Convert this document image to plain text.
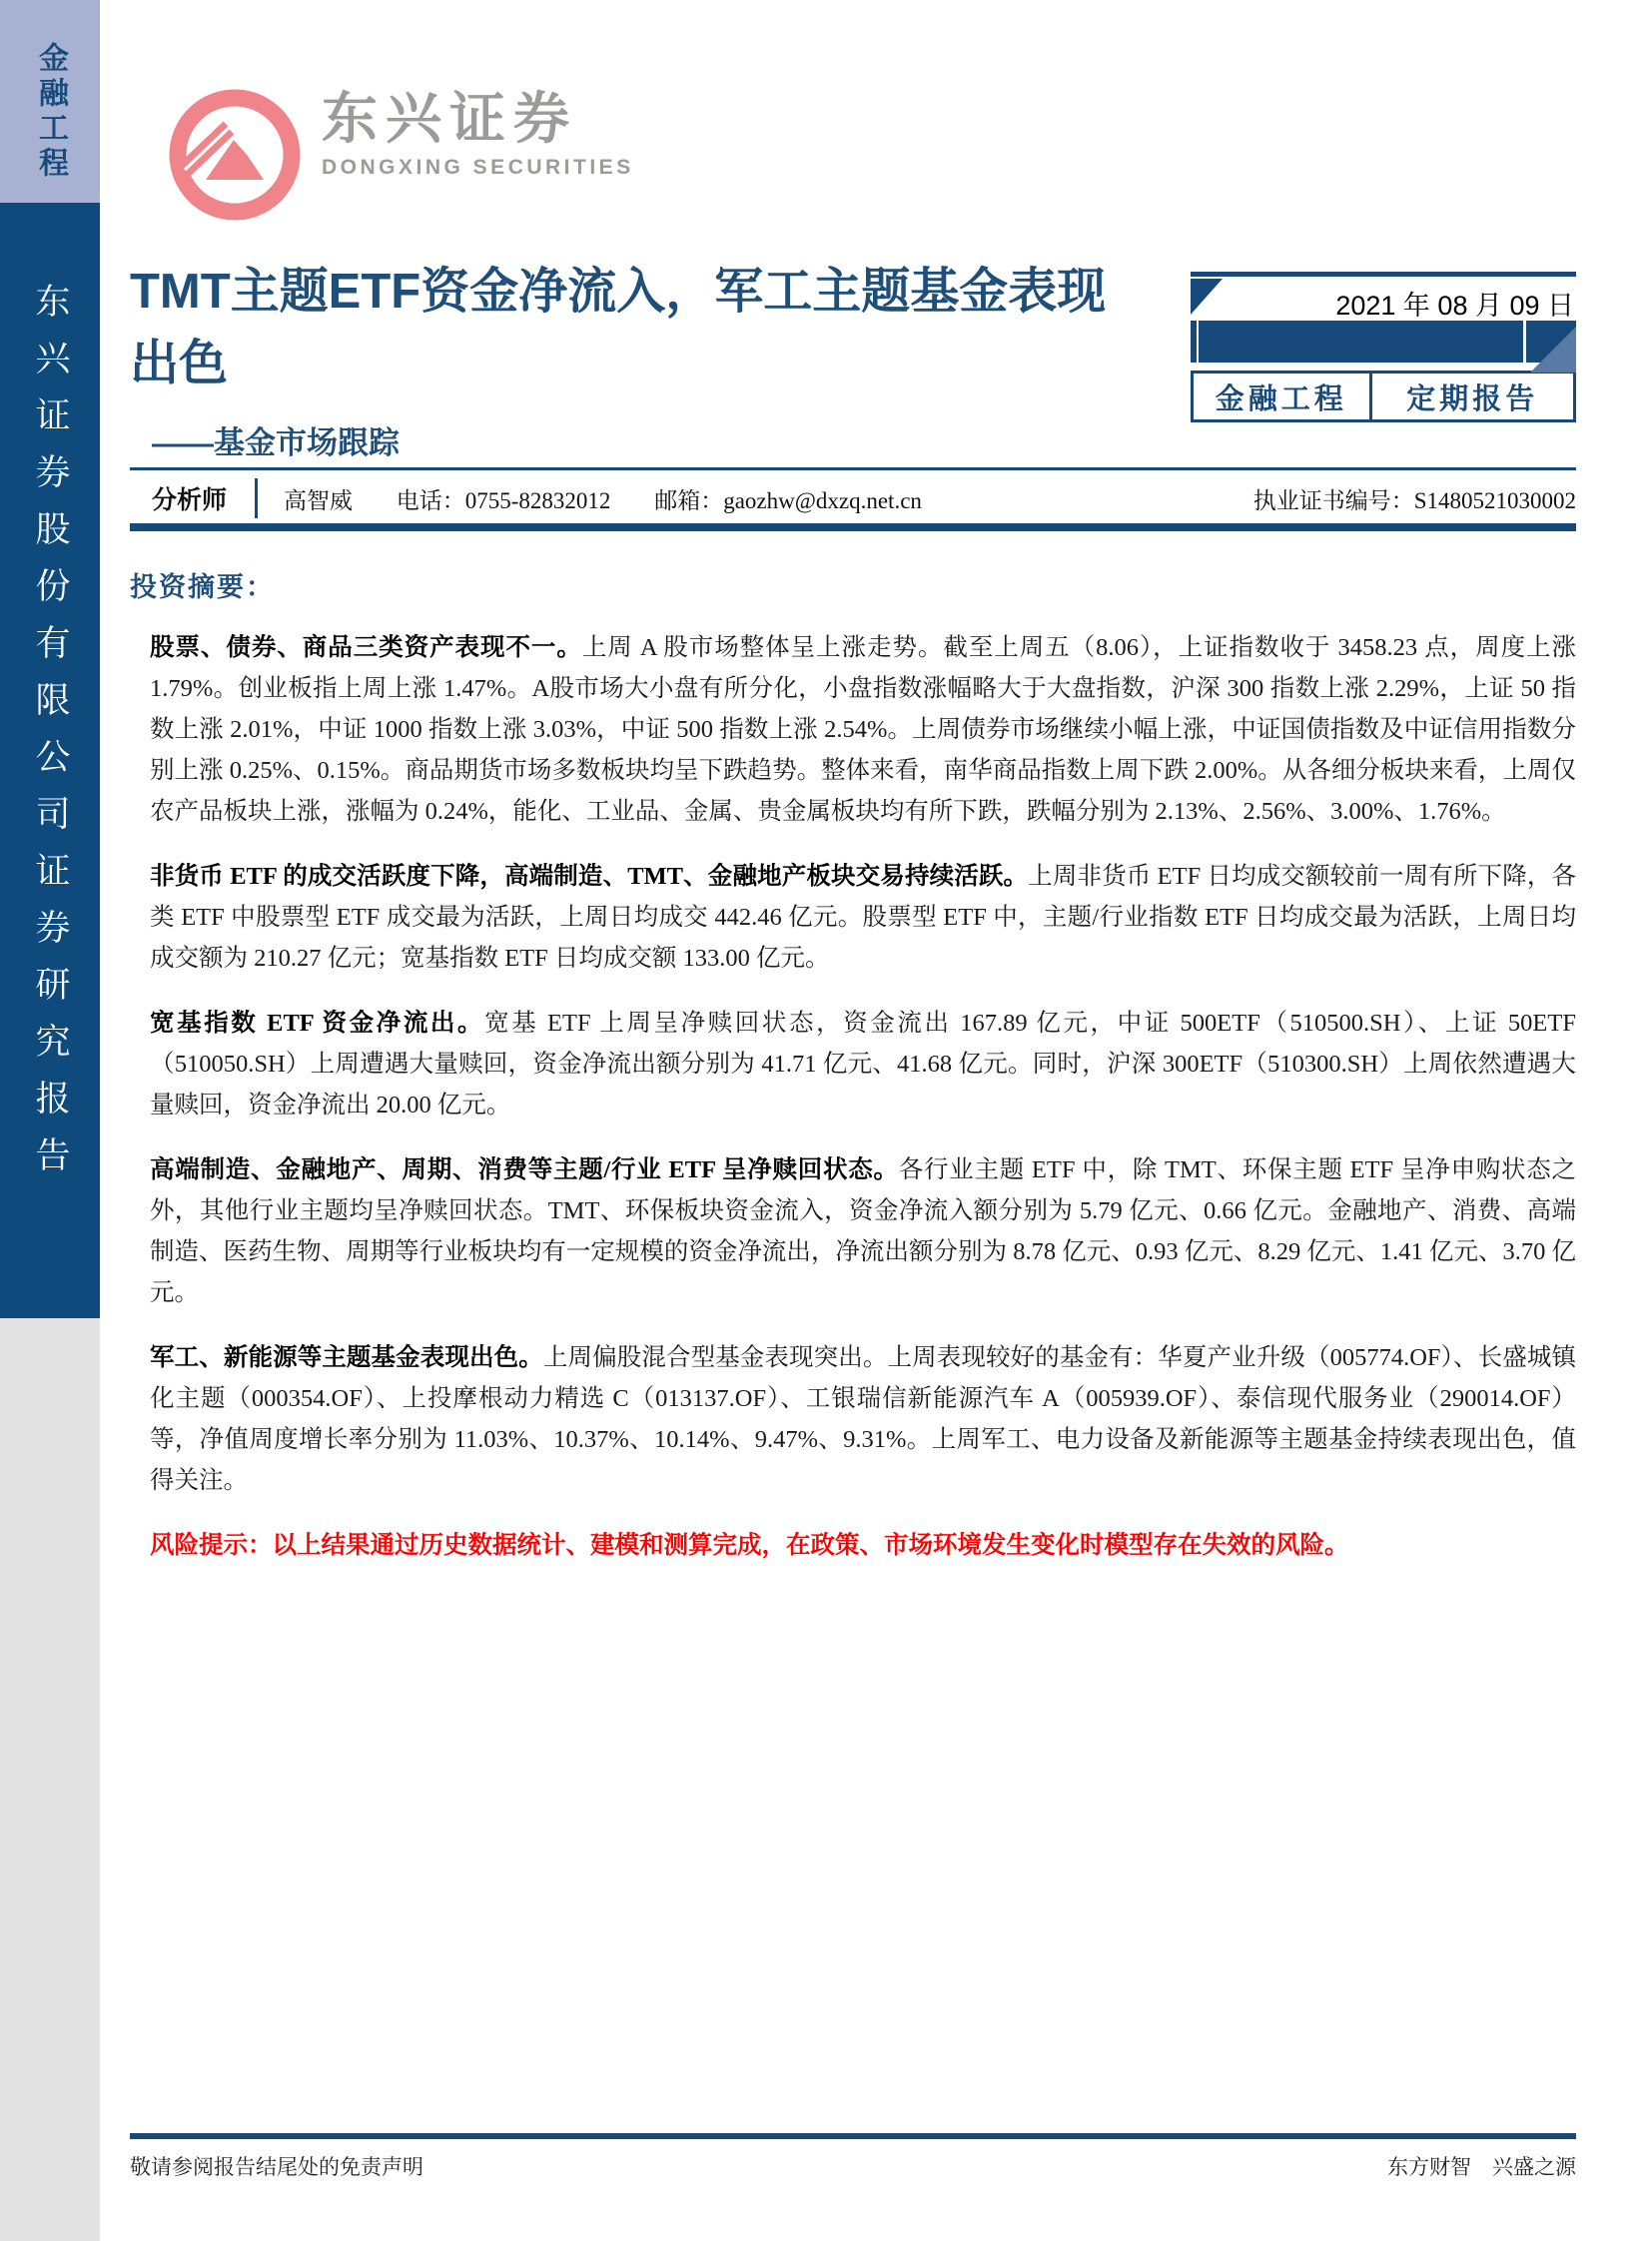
金融工程
东兴证券股份有限公司证券研究报告
东兴证券
DONGXING SECURITIES
TMT主题ETF资金净流入，军工主题基金表现出色
——基金市场跟踪
2021 年 08 月 09 日
金融工程	定期报告
分析师 高智威 电话：0755-82832012 邮箱：gaozhw@dxzq.net.cn	执业证书编号：S1480521030002
投资摘要：

股票、债券、商品三类资产表现不一。上周 A 股市场整体呈上涨走势。截至上周五（8.06），上证指数收于 3458.23 点，周度上涨 1.79%。创业板指上周上涨 1.47%。A股市场大小盘有所分化，小盘指数涨幅略大于大盘指数，沪深 300 指数上涨 2.29%，上证 50 指数上涨 2.01%，中证 1000 指数上涨 3.03%，中证 500 指数上涨 2.54%。上周债券市场继续小幅上涨，中证国债指数及中证信用指数分别上涨 0.25%、0.15%。商品期货市场多数板块均呈下跌趋势。整体来看，南华商品指数上周下跌 2.00%。从各细分板块来看，上周仅农产品板块上涨，涨幅为 0.24%，能化、工业品、金属、贵金属板块均有所下跌，跌幅分别为 2.13%、2.56%、3.00%、1.76%。

非货币 ETF 的成交活跃度下降，高端制造、TMT、金融地产板块交易持续活跃。上周非货币 ETF 日均成交额较前一周有所下降，各类 ETF 中股票型 ETF 成交最为活跃，上周日均成交 442.46 亿元。股票型 ETF 中，主题/行业指数 ETF 日均成交最为活跃，上周日均成交额为 210.27 亿元；宽基指数 ETF 日均成交额 133.00 亿元。

宽基指数 ETF 资金净流出。宽基 ETF 上周呈净赎回状态，资金流出 167.89 亿元，中证 500ETF（510500.SH）、上证 50ETF（510050.SH）上周遭遇大量赎回，资金净流出额分别为 41.71 亿元、41.68 亿元。同时，沪深 300ETF（510300.SH）上周依然遭遇大量赎回，资金净流出 20.00 亿元。

高端制造、金融地产、周期、消费等主题/行业 ETF 呈净赎回状态。各行业主题 ETF 中，除 TMT、环保主题 ETF 呈净申购状态之外，其他行业主题均呈净赎回状态。TMT、环保板块资金流入，资金净流入额分别为 5.79 亿元、0.66 亿元。金融地产、消费、高端制造、医药生物、周期等行业板块均有一定规模的资金净流出，净流出额分别为 8.78 亿元、0.93 亿元、8.29 亿元、1.41 亿元、3.70 亿元。

军工、新能源等主题基金表现出色。上周偏股混合型基金表现突出。上周表现较好的基金有：华夏产业升级（005774.OF）、长盛城镇化主题（000354.OF）、上投摩根动力精选 C（013137.OF）、工银瑞信新能源汽车 A（005939.OF）、泰信现代服务业（290014.OF）等，净值周度增长率分别为 11.03%、10.37%、10.14%、9.47%、9.31%。上周军工、电力设备及新能源等主题基金持续表现出色，值得关注。

风险提示：以上结果通过历史数据统计、建模和测算完成，在政策、市场环境发生变化时模型存在失效的风险。

敬请参阅报告结尾处的免责声明	东方财智　兴盛之源
